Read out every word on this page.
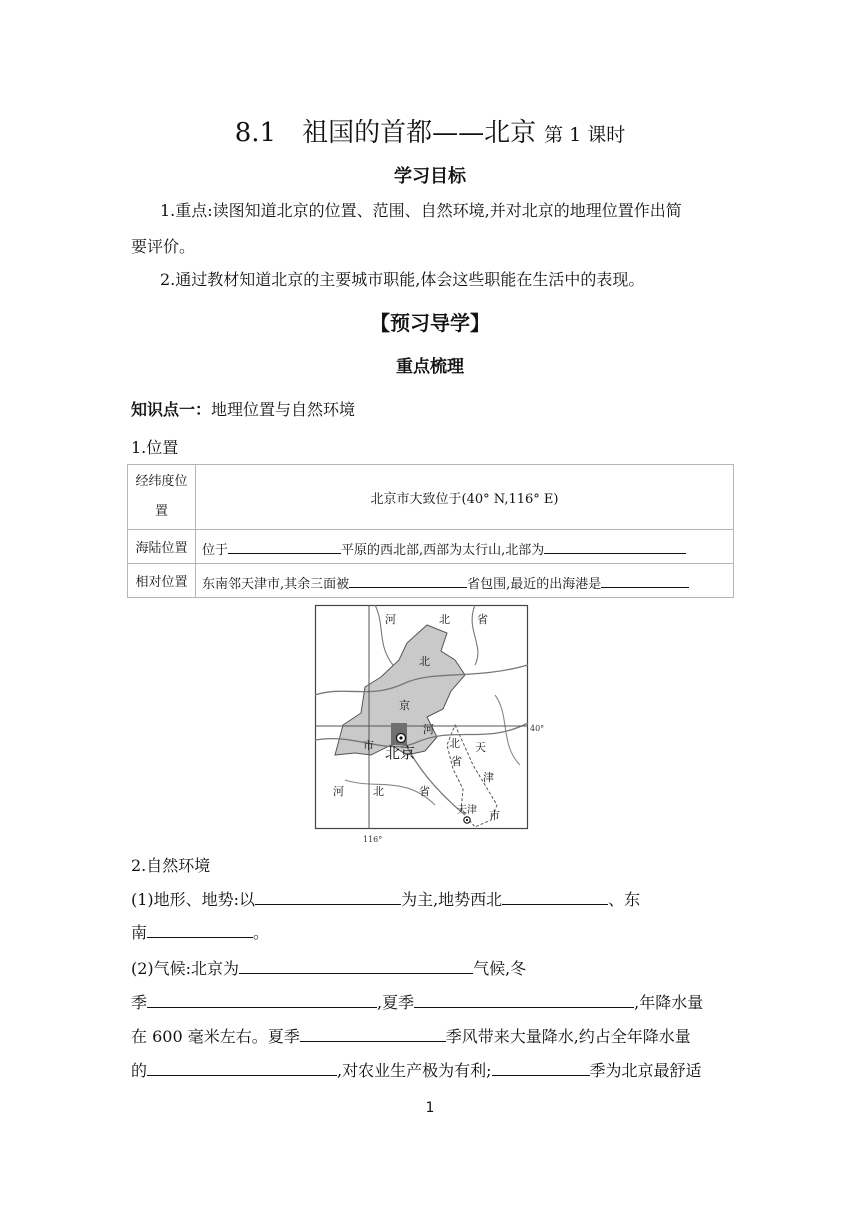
8.1　祖国的首都——北京 第 1 课时
学习目标
1.重点:读图知道北京的位置、范围、自然环境,并对北京的地理位置作出简
要评价。
2.通过教材知道北京的主要城市职能,体会这些职能在生活中的表现。
【预习导学】
重点梳理
知识点一：地理位置与自然环境
1.位置
经纬度位
置	北京市大致位于(40° N,116° E)
海陆位置	位于 平原的西北部,西部为太行山,北部为
相对位置	东南邻天津市,其余三面被 省包围,最近的出海港是
40°
116°
河	北 省
北
京
市
河	北	省
河
北
省
天
津
市
北京
天津
2.自然环境
(1)地形、地势:以	为主,地势西北	、东
南	。
(2)气候:北京为	气候,冬
季	,夏季	,年降水量
在 600 毫米左右。夏季	季风带来大量降水,约占全年降水量
的	,对农业生产极为有利;	季为北京最舒适
1
